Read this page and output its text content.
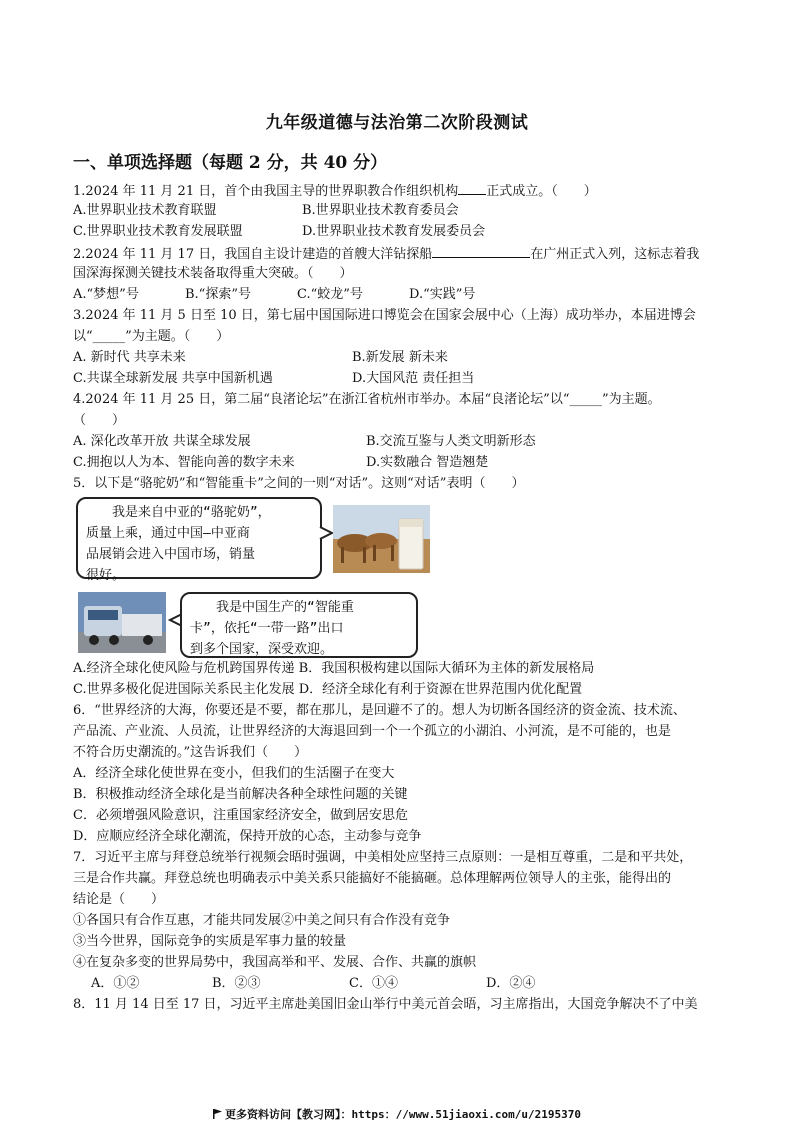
九年级道德与法治第二次阶段测试
一、单项选择题（每题 2 分，共 40 分）
1.2024 年 11 月 21 日，首个由我国主导的世界职教合作组织机构 正式成立。（　　）
A.世界职业技术教育联盟	B.世界职业技术教育委员会
C.世界职业技术教育发展联盟	D.世界职业技术教育发展委员会
2.2024 年 11 月 17 日，我国自主设计建造的首艘大洋钻探船	在广州正式入列，这标志着我
国深海探测关键技术装备取得重大突破。（　　）
A.“梦想”号	B.“探索”号	C.“蛟龙”号	D.“实践”号
3.2024 年 11 月 5 日至 10 日，第七届中国国际进口博览会在国家会展中心（上海）成功举办，本届进博会
以“_____”为主题。（　　）
A. 新时代 共享未来	B.新发展 新未来
C.共谋全球新发展 共享中国新机遇	D.大国风范 责任担当
4.2024 年 11 月 25 日，第二届“良渚论坛”在浙江省杭州市举办。本届“良渚论坛”以“_____”为主题。
（　　）
A. 深化改革开放 共谋全球发展	B.交流互鉴与人类文明新形态
C.拥抱以人为本、智能向善的数字未来	D.实数融合 智造翘楚
5．以下是“骆驼奶”和“智能重卡”之间的一则“对话”。这则“对话”表明（　　）
　　我是来自中亚的“骆驼奶”，
质量上乘，通过中国—中亚商
品展销会进入中国市场，销量
很好。
　　我是中国生产的“智能重
卡”，依托“一带一路”出口
到多个国家，深受欢迎。
A.经济全球化使风险与危机跨国界传递 B．我国积极构建以国际大循环为主体的新发展格局
C.世界多极化促进国际关系民主化发展 D．经济全球化有利于资源在世界范围内优化配置
6．“世界经济的大海，你要还是不要，都在那儿，是回避不了的。想人为切断各国经济的资金流、技术流、
产品流、产业流、人员流，让世界经济的大海退回到一个一个孤立的小湖泊、小河流，是不可能的，也是
不符合历史潮流的。”这告诉我们（　　）
A．经济全球化使世界在变小，但我们的生活圈子在变大
B．积极推动经济全球化是当前解决各种全球性问题的关键
C．必须增强风险意识，注重国家经济安全，做到居安思危
D．应顺应经济全球化潮流，保持开放的心态，主动参与竞争
7．习近平主席与拜登总统举行视频会晤时强调，中美相处应坚持三点原则：一是相互尊重，二是和平共处，
三是合作共赢。拜登总统也明确表示中美关系只能搞好不能搞砸。总体理解两位领导人的主张，能得出的
结论是（　　）
①各国只有合作互惠，才能共同发展②中美之间只有合作没有竞争
③当今世界，国际竞争的实质是军事力量的较量
④在复杂多变的世界局势中，我国高举和平、发展、合作、共赢的旗帜
A．①②	B．②③	C．①④	D．②④
8．11 月 14 日至 17 日，习近平主席赴美国旧金山举行中美元首会晤，习主席指出，大国竞争解决不了中美
更多资料访问【教习网】：https：//www.51jiaoxi.com/u/2195370
